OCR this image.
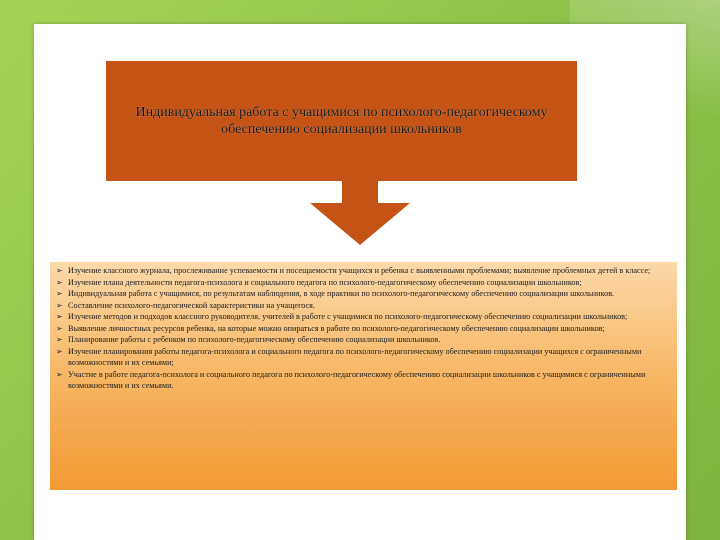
Индивидуальная работа с учащимися по психолого-педагогическому обеспечению социализации школьников
➢ Изучение классного журнала, прослеживание успеваемости и посещаемости учащихся и ребенка с выявленными проблемами; выявление проблемных детей в классе;
➢ Изучение плана деятельности педагога-психолога и социального педагога по психолого-педагогическому обеспечению социализации школьников;
➢ Индивидуальная работа с учащимися, по результатам наблюдения, в ходе практики по психолого-педагогическому обеспечению социализации школьников.
➢ Составление психолого-педагогической характеристики на учащегося.
➢ Изучение методов и подходов классного руководителя, учителей в работе с учащимися по психолого-педагогическому обеспечению социализации школьников;
➢ Выявление личностных ресурсов ребенка, на которые можно опираться в работе по психолого-педагогическому обеспечению социализации школьников;
➢ Планирование работы с ребенком по психолого-педагогическому обеспечению социализации школьников.
➢ Изучение планирования работы педагога-психолога и социального педагога по психолого-педагогическому обеспечению социализации учащихся с ограниченными возможностями и их семьями;
➢ Участие в работе педагога-психолога и социального педагога по психолого-педагогическому обеспечению социализации школьников с учащимися с ограниченными возможностями и их семьями.
